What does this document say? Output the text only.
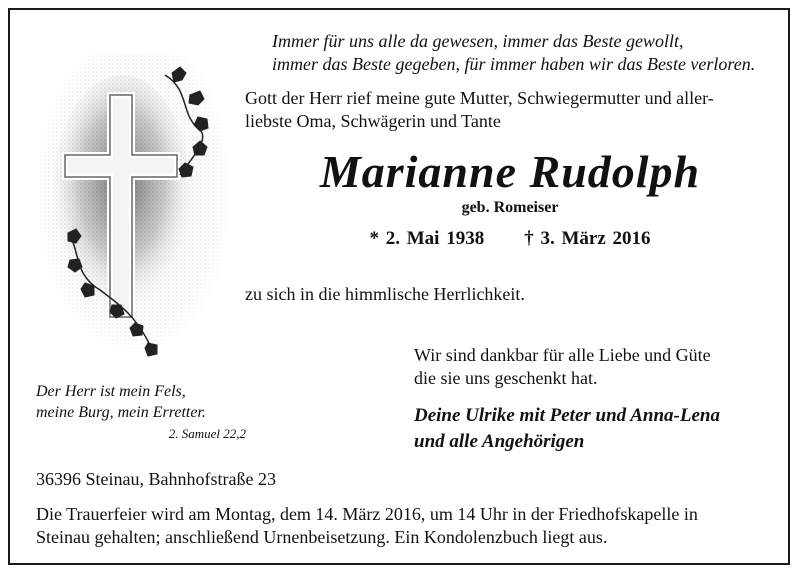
Immer für uns alle da gewesen, immer das Beste gewollt,
immer das Beste gegeben, für immer haben wir das Beste verloren.
Gott der Herr rief meine gute Mutter, Schwiegermutter und aller-
liebste Oma, Schwägerin und Tante
Marianne Rudolph
geb. Romeiser
* 2. Mai 1938 † 3. März 2016
zu sich in die himmlische Herrlichkeit.
Wir sind dankbar für alle Liebe und Güte
die sie uns geschenkt hat.
Deine Ulrike mit Peter und Anna-Lena
und alle Angehörigen
Der Herr ist mein Fels,
meine Burg, mein Erretter.
2. Samuel 22,2
36396 Steinau, Bahnhofstraße 23
Die Trauerfeier wird am Montag, dem 14. März 2016, um 14 Uhr in der Friedhofskapelle in
Steinau gehalten; anschließend Urnenbeisetzung. Ein Kondolenzbuch liegt aus.
